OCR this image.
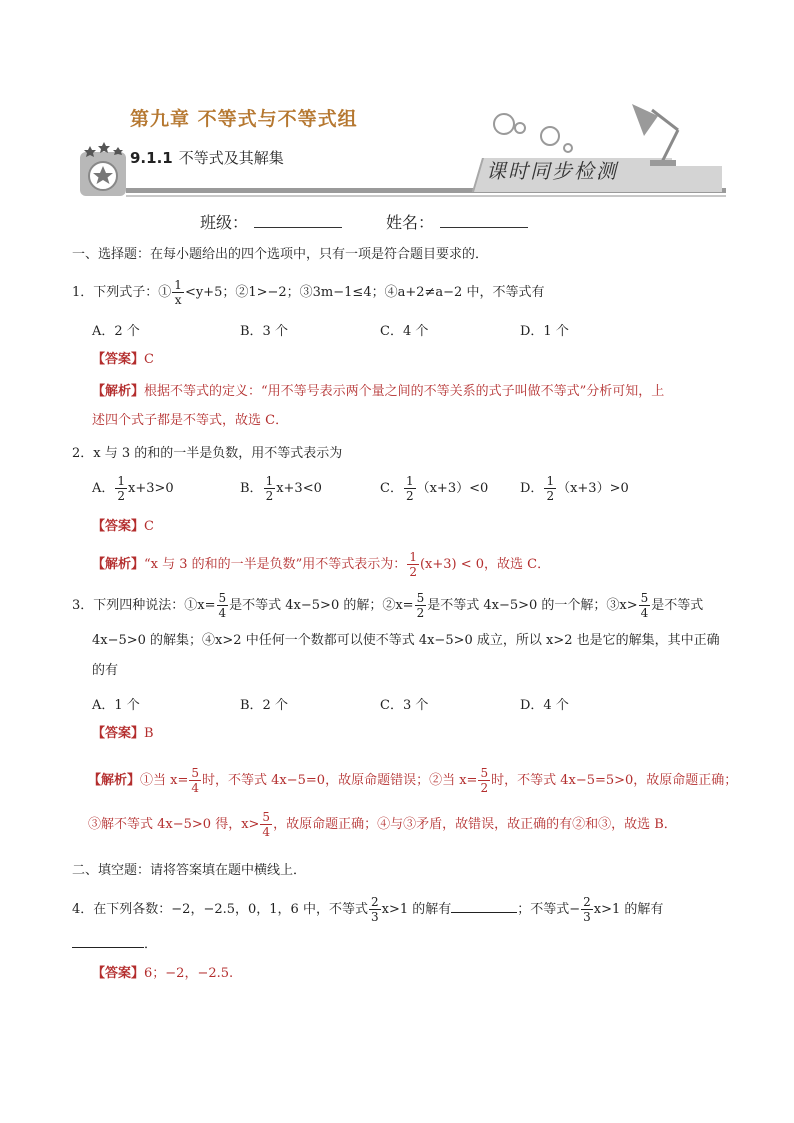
第九章 不等式与不等式组
9.1.1 不等式及其解集
课时同步检测
班级：	姓名：
一、选择题：在每小题给出的四个选项中，只有一项是符合题目要求的．
1．下列式子：① $\frac{1}{x} <y+5$；②1>−2；③3m−1≤4；④a+2≠a−2 中，不等式有
A．2 个	B．3 个	C．4 个	D．1 个
【答案】C
【解析】根据不等式的定义：“用不等号表示两个量之间的不等关系的式子叫做不等式”分析可知，上
述四个式子都是不等式，故选 C．
2．x 与 3 的和的一半是负数，用不等式表示为
A． $\frac{1}{2} x+3>0$	B． $\frac{1}{2} x+3<0$	C． $\frac{1}{2} (x+3)<0$ D． $\frac{1}{2} (x+3)>0$
【答案】C
【解析】“x 与 3 的和的一半是负数”用不等式表示为： $\frac{1}{2} (x+3) < 0$，故选 C．
3．下列四种说法：①x= $\frac{5}{4}$ 是不等式 4x−5>0 的解；②x= $\frac{5}{2}$ 是不等式 4x−5>0 的一个解；③x> $\frac{5}{4}$ 是不等式
4x−5>0 的解集；④x>2 中任何一个数都可以使不等式 4x−5>0 成立，所以 x>2 也是它的解集，其中正确
的有
A．1 个	B．2 个	C．3 个	D．4 个
【答案】B
【解析】①当 $x= \frac{5}{4}$ 时，不等式 4x−5=0，故原命题错误；②当 $x= \frac{5}{2}$ 时，不等式 4x−5=5>0，故原命题正确；
③解不等式 4x−5>0 得，$x> \frac{5}{4}$ ，故原命题正确；④与③矛盾，故错误，故正确的有②和③，故选 B．
二、填空题：请将答案填在题中横线上．
4．在下列各数：−2，−2.5，0，1，6 中，不等式 $\frac{2}{3} x>1$ 的解有	；不等式− $\frac{2}{3} x>1$ 的解有
．
【答案】6；−2，−2.5.
